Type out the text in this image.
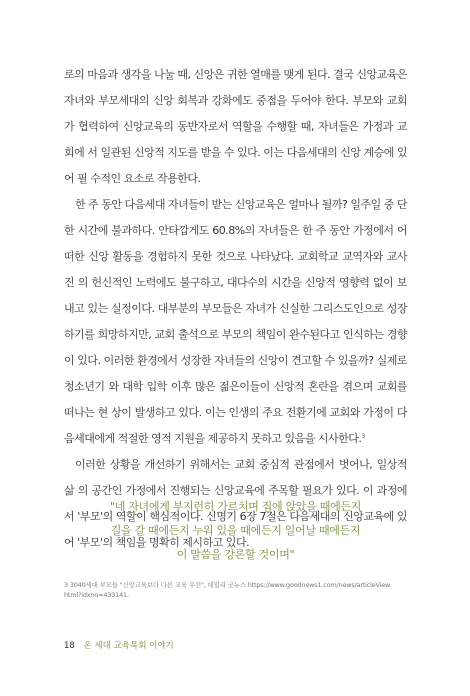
로의 마음과 생각을 나눌 때, 신앙은 귀한 열매를 맺게 된다. 결국 신앙교육은 자녀와 부모세대의 신앙 회복과 강화에도 중점을 두어야 한다. 부모와 교회가 협력하여 신앙교육의 동반자로서 역할을 수행할 때, 자녀들은 가정과 교회에 서 일관된 신앙적 지도를 받을 수 있다. 이는 다음세대의 신앙 계승에 있어 필 수적인 요소로 작용한다.

한 주 동안 다음세대 자녀들이 받는 신앙교육은 얼마나 될까? 일주일 중 단 한 시간에 불과하다. 안타깝게도 60.8%의 자녀들은 한 주 동안 가정에서 어 떠한 신앙 활동을 경험하지 못한 것으로 나타났다. 교회학교 교역자와 교사진 의 헌신적인 노력에도 불구하고, 대다수의 시간을 신앙적 영향력 없이 보내고 있는 실정이다. 대부분의 부모들은 자녀가 신실한 그리스도인으로 성장하기를 희망하지만, 교회 출석으로 부모의 책임이 완수된다고 인식하는 경향이 있다. 이러한 환경에서 성장한 자녀들의 신앙이 견고할 수 있을까? 실제로 청소년기 와 대학 입학 이후 많은 젊은이들이 신앙적 혼란을 겪으며 교회를 떠나는 현 상이 발생하고 있다. 이는 인생의 주요 전환기에 교회와 가정이 다음세대에게 적절한 영적 지원을 제공하지 못하고 있음을 시사한다.$^3$

이러한 상황을 개선하기 위해서는 교회 중심적 관점에서 벗어나, 일상적 삶 의 공간인 가정에서 진행되는 신앙교육에 주목할 필요가 있다. 이 과정에서 '부모'의 역할이 핵심적이다. 신명기 6장 7절은 다음세대의 신앙교육에 있어 '부모'의 책임을 명확히 제시하고 있다.

"네 자녀에게 부지런히 가르치며 집에 앉았을 때에든지
길을 갈 때에든지 누워 있을 때에든지 일어날 때에든지
이 말씀을 강론할 것이며"
3 3040세대 부모들 "신앙교육보다 다른 교육 우선", 데일리 굿뉴스 https://www.goodnews1.com/news/articleView.
html?idxno=433141.
18 온 세대 교육목회 이야기
